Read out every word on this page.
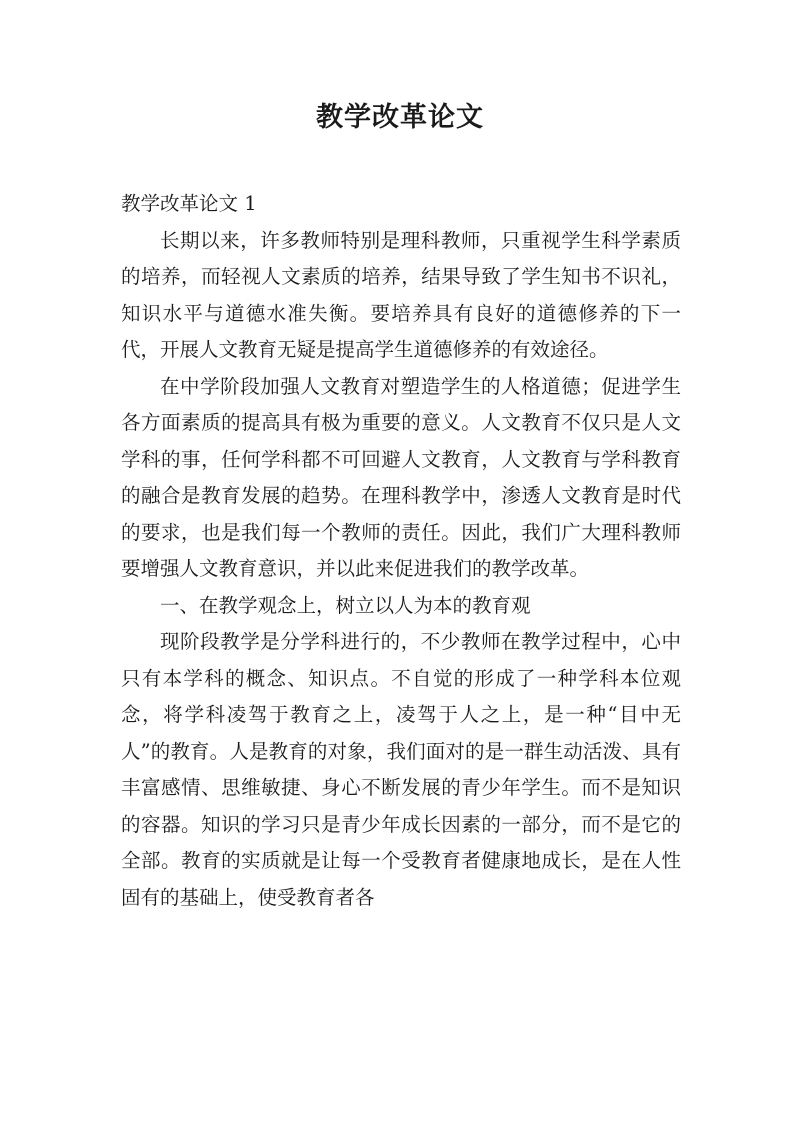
教学改革论文

教学改革论文 1

长期以来，许多教师特别是理科教师，只重视学生科学素质的培养，而轻视人文素质的培养，结果导致了学生知书不识礼，知识水平与道德水准失衡。要培养具有良好的道德修养的下一代，开展人文教育无疑是提高学生道德修养的有效途径。

在中学阶段加强人文教育对塑造学生的人格道德；促进学生各方面素质的提高具有极为重要的意义。人文教育不仅只是人文学科的事，任何学科都不可回避人文教育，人文教育与学科教育的融合是教育发展的趋势。在理科教学中，渗透人文教育是时代的要求，也是我们每一个教师的责任。因此，我们广大理科教师要增强人文教育意识，并以此来促进我们的教学改革。

一、在教学观念上，树立以人为本的教育观

现阶段教学是分学科进行的，不少教师在教学过程中，心中只有本学科的概念、知识点。不自觉的形成了一种学科本位观念，将学科凌驾于教育之上，凌驾于人之上，是一种“目中无人”的教育。人是教育的对象，我们面对的是一群生动活泼、具有丰富感情、思维敏捷、身心不断发展的青少年学生。而不是知识的容器。知识的学习只是青少年成长因素的一部分，而不是它的全部。教育的实质就是让每一个受教育者健康地成长，是在人性固有的基础上，使受教育者各
